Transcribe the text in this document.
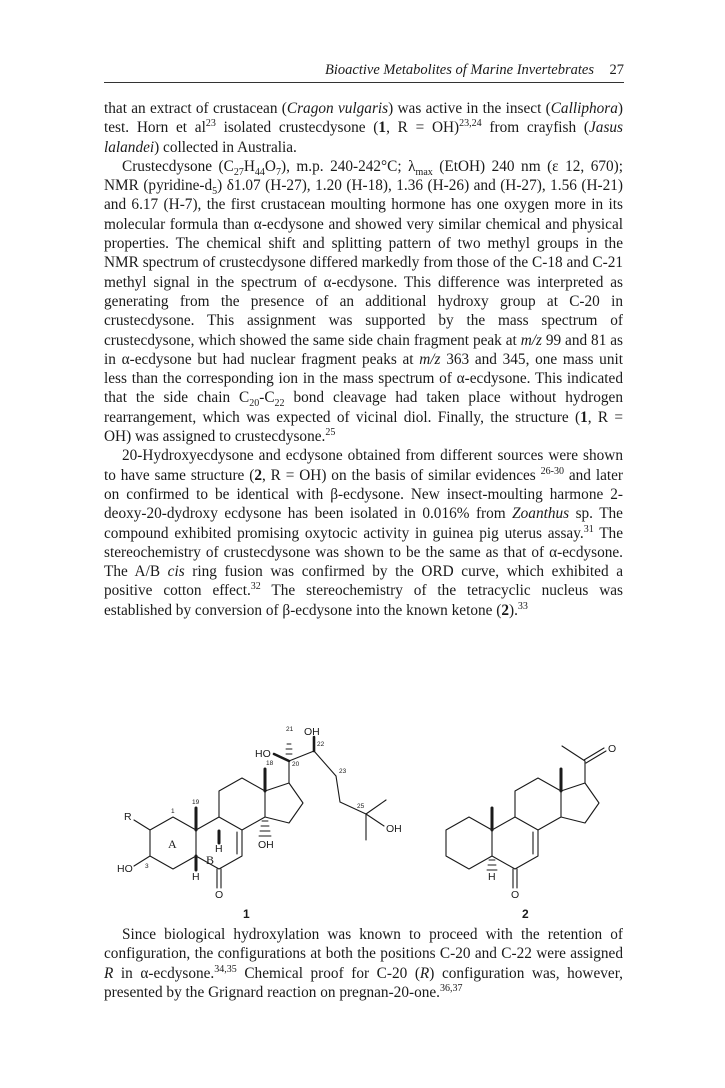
Bioactive Metabolites of Marine Invertebrates 27

that an extract of crustacean (Cragon vulgaris) was active in the insect (Calliphora) test. Horn et $al^{23}$ isolated crustecdysone (1, R = OH)$^{23,24}$ from crayfish (Jasus lalandei) collected in Australia.

Crustecdysone $(C_{27}H_{44}O_7)$, m.p. 240-242°C; $\lambda_{max}$ (EtOH) 240 nm (ε 12, 670); NMR $(pyridine-d_5)$ δ1.07 (H-27), 1.20 (H-18), 1.36 (H-26) and (H-27), 1.56 (H-21) and 6.17 (H-7), the first crustacean moulting hormone has one oxygen more in its molecular formula than α-ecdysone and showed very similar chemical and physical properties. The chemical shift and splitting pattern of two methyl groups in the NMR spectrum of crustecdysone differed markedly from those of the C-18 and C-21 methyl signal in the spectrum of α-ecdysone. This difference was interpreted as generating from the presence of an additional hydroxy group at C-20 in crustecdysone. This assignment was supported by the mass spectrum of crustecdysone, which showed the same side chain fragment peak at m/z 99 and 81 as in α-ecdysone but had nuclear fragment peaks at m/z 363 and 345, one mass unit less than the corresponding ion in the mass spectrum of α-ecdysone. This indicated that the side chain $C_{20}-C_{22}$ bond cleavage had taken place without hydrogen rearrangement, which was expected of vicinal diol. Finally, the structure (1, R = OH) was assigned to crustecdysone.$^{25}$

20-Hydroxyecdysone and ecdysone obtained from different sources were shown to have same structure (2, R = OH) on the basis of similar evidences $^{26-30}$ and later on confirmed to be identical with β-ecdysone. New insect-moulting harmone 2-deoxy-20-dydroxy ecdysone has been isolated in 0.016% from Zoanthus sp. The compound exhibited promising oxytocic activity in guinea pig uterus assay.$^{31}$ The stereochemistry of crustecdysone was shown to be the same as that of α-ecdysone. The A/B cis ring fusion was confirmed by the ORD curve, which exhibited a positive cotton effect.$^{32}$ The stereochemistry of the tetracyclic nucleus was established by conversion of β-ecdysone into the known ketone (2).$^{33}$

OH
HO
OH
OH
R
HO
H
H
O	O
H
O
1	2
A
B
21
22
20
23
18
19
25
1
3

Since biological hydroxylation was known to proceed with the retention of configuration, the configurations at both the positions C-20 and C-22 were assigned R in α-ecdysone.$^{34,35}$ Chemical proof for C-20 (R) configuration was, however, presented by the Grignard reaction on pregnan-20-one.$^{36,37}$
